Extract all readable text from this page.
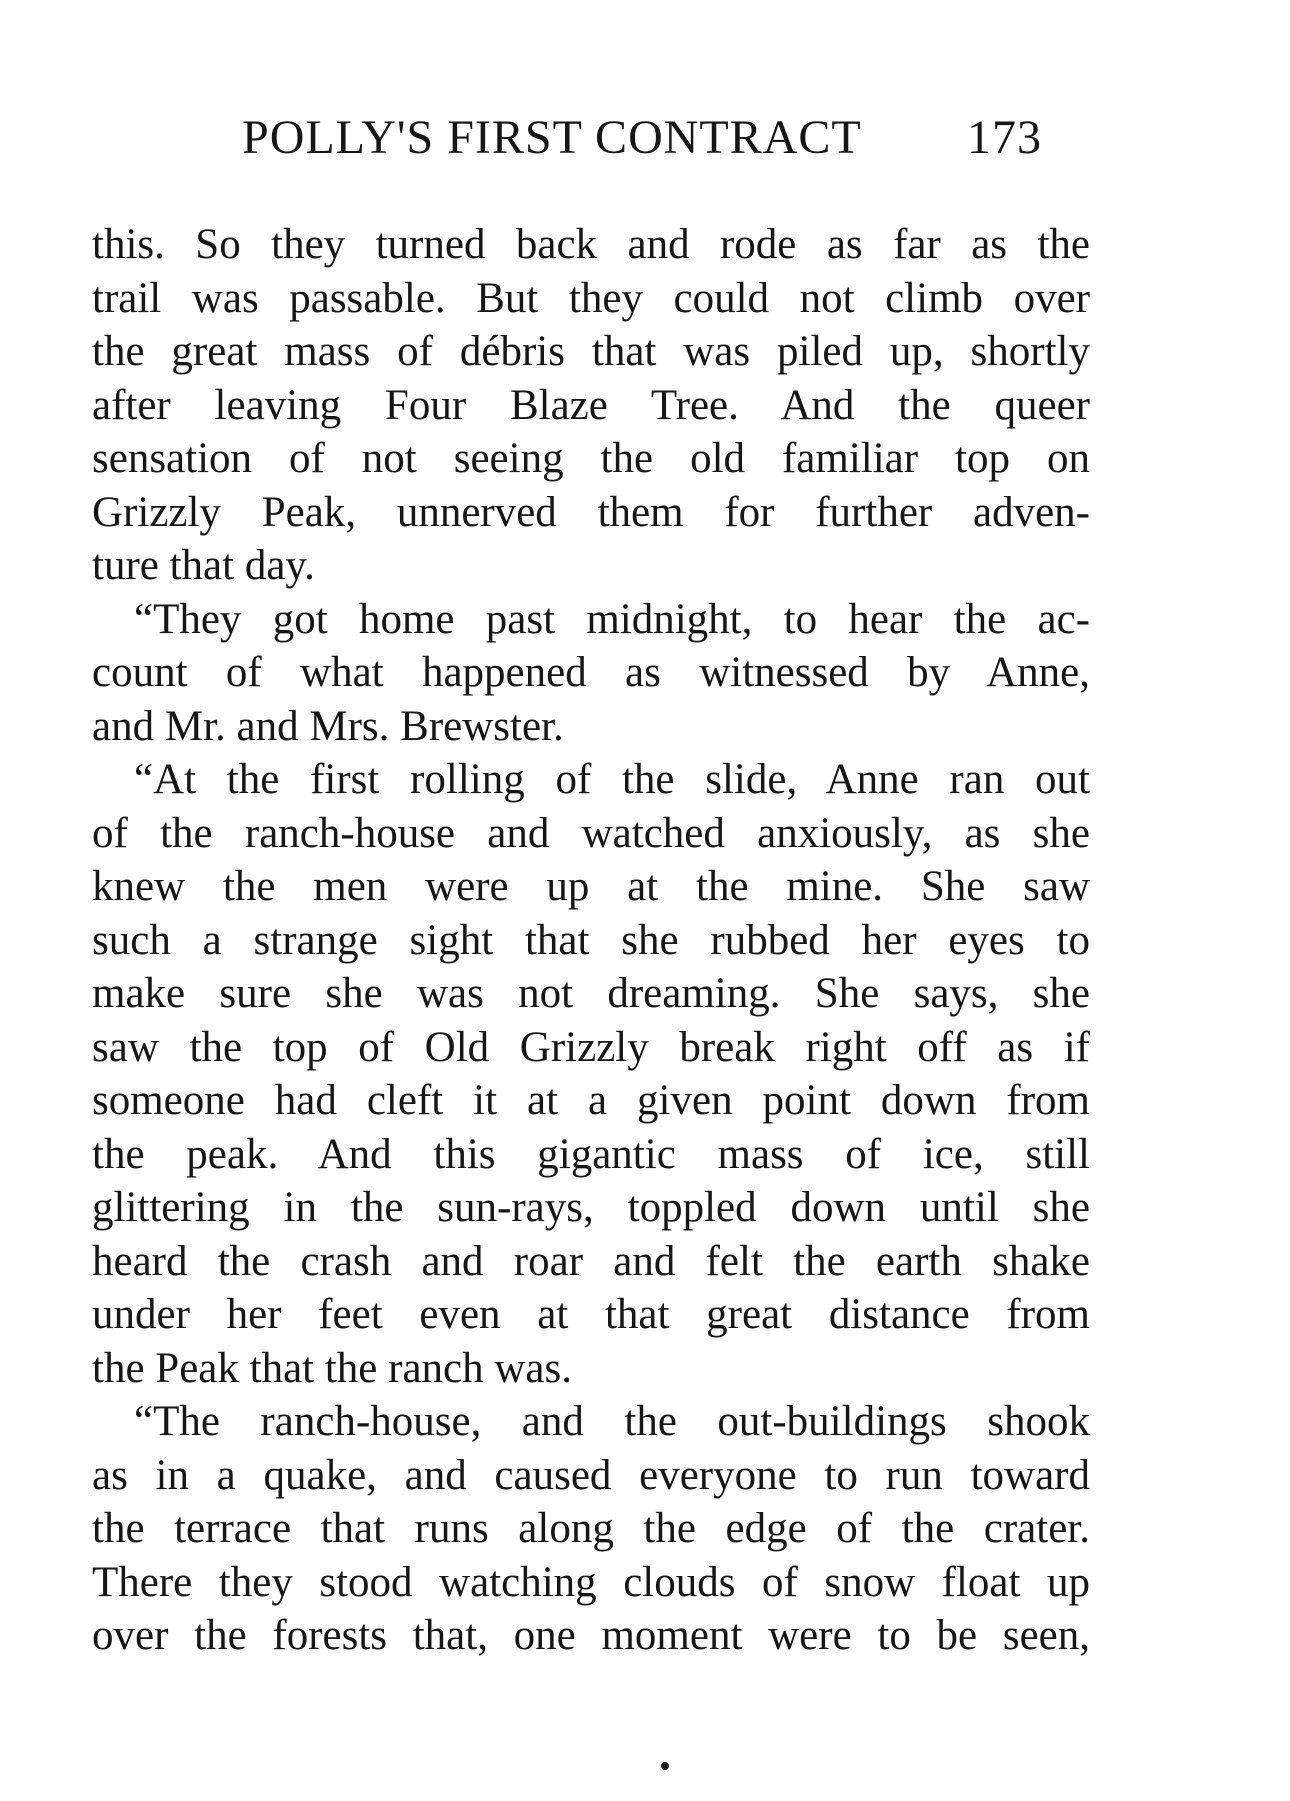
POLLY'S FIRST CONTRACT 173
this. So they turned back and rode as far as the
trail was passable. But they could not climb over
the great mass of débris that was piled up, shortly
after leaving Four Blaze Tree. And the queer
sensation of not seeing the old familiar top on
Grizzly Peak, unnerved them for further adven-
ture that day.
“They got home past midnight, to hear the ac-
count of what happened as witnessed by Anne,
and Mr. and Mrs. Brewster.
“At the first rolling of the slide, Anne ran out
of the ranch-house and watched anxiously, as she
knew the men were up at the mine. She saw
such a strange sight that she rubbed her eyes to
make sure she was not dreaming. She says, she
saw the top of Old Grizzly break right off as if
someone had cleft it at a given point down from
the peak. And this gigantic mass of ice, still
glittering in the sun-rays, toppled down until she
heard the crash and roar and felt the earth shake
under her feet even at that great distance from
the Peak that the ranch was.
“The ranch-house, and the out-buildings shook
as in a quake, and caused everyone to run toward
the terrace that runs along the edge of the crater.
There they stood watching clouds of snow float up
over the forests that, one moment were to be seen,
